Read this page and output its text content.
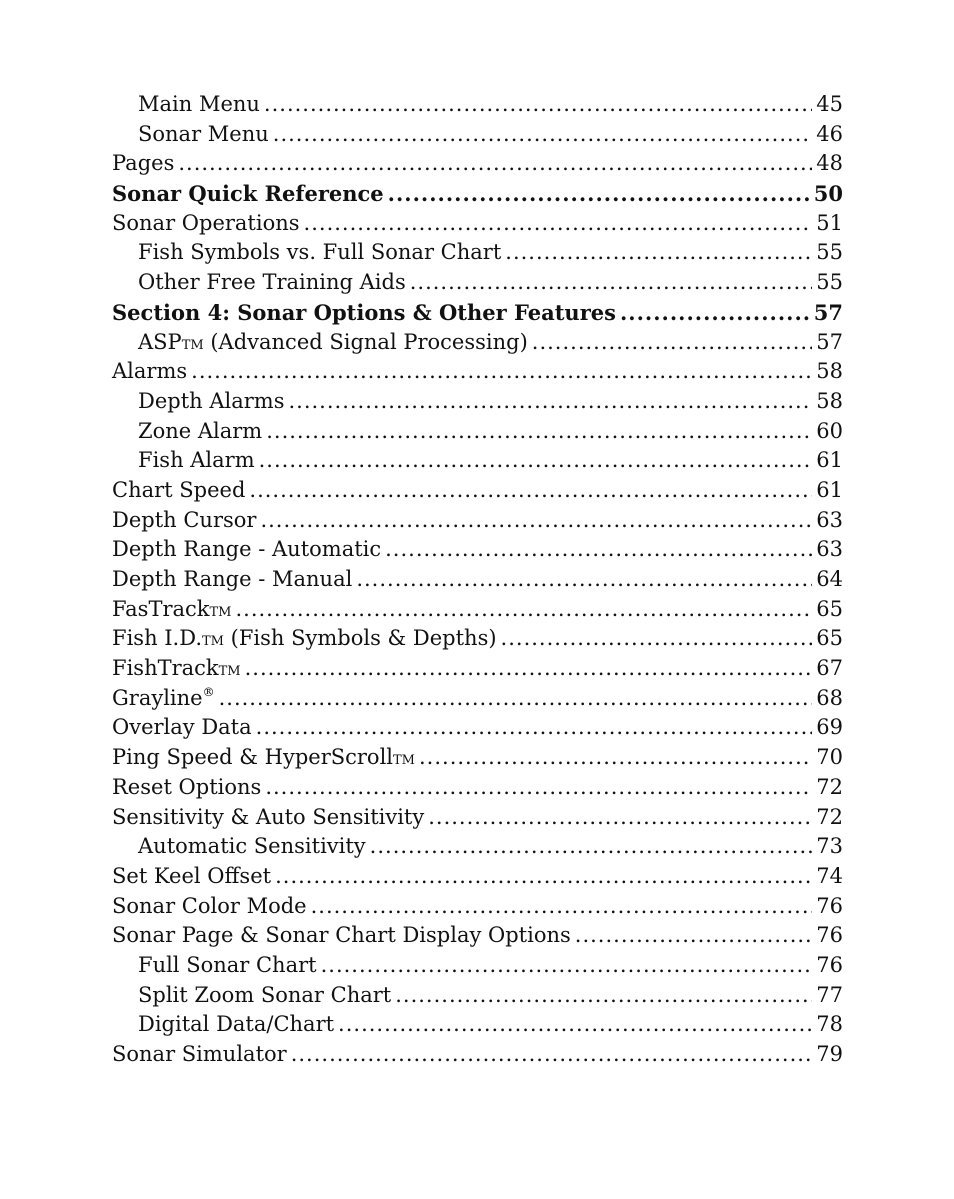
Main Menu .....	45
Sonar Menu .....	46
Pages .....	48
Sonar Quick Reference .....	50
Sonar Operations .....	51
Fish Symbols vs. Full Sonar Chart .....	55
Other Free Training Aids .....	55
Section 4: Sonar Options & Other Features .....	57
ASPTM (Advanced Signal Processing) .....	57
Alarms .....	58
Depth Alarms .....	58
Zone Alarm .....	60
Fish Alarm .....	61
Chart Speed .....	61
Depth Cursor .....	63
Depth Range - Automatic .....	63
Depth Range - Manual .....	64
FasTrackTM .....	65
Fish I.D.TM (Fish Symbols & Depths) .....	65
FishTrackTM .....	67
Grayline® .....	68
Overlay Data .....	69
Ping Speed & HyperScrollTM .....	70
Reset Options .....	72
Sensitivity & Auto Sensitivity .....	72
Automatic Sensitivity .....	73
Set Keel Offset .....	74
Sonar Color Mode .....	76
Sonar Page & Sonar Chart Display Options .....	76
Full Sonar Chart .....	76
Split Zoom Sonar Chart .....	77
Digital Data/Chart .....	78
Sonar Simulator .....	79
